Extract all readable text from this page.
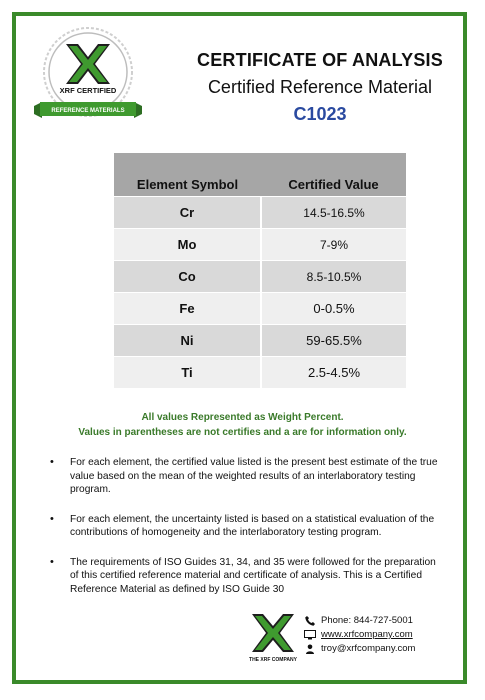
XRF CERTIFIED
REFERENCE MATERIALS
CERTIFICATE OF ANALYSIS
Certified Reference Material
C1023
Element Symbol	Certified Value
Cr	14.5-16.5%
Mo	7-9%
Co	8.5-10.5%
Fe	0-0.5%
Ni	59-65.5%
Ti	2.5-4.5%
All values Represented as Weight Percent.
Values in parentheses are not certifies and a are for information only.
• For each element, the certified value listed is the present best estimate of the true value based on the mean of the weighted results of an interlaboratory testing program.
• For each element, the uncertainty listed is based on a statistical evaluation of the contributions of homogeneity and the interlaboratory testing program.
• The requirements of ISO Guides 31, 34, and 35 were followed for the preparation of this certified reference material and certificate of analysis. This is a Certified Reference Material as defined by ISO Guide 30
THE XRF COMPANY
Phone: 844-727-5001
www.xrfcompany.com
troy@xrfcompany.com
